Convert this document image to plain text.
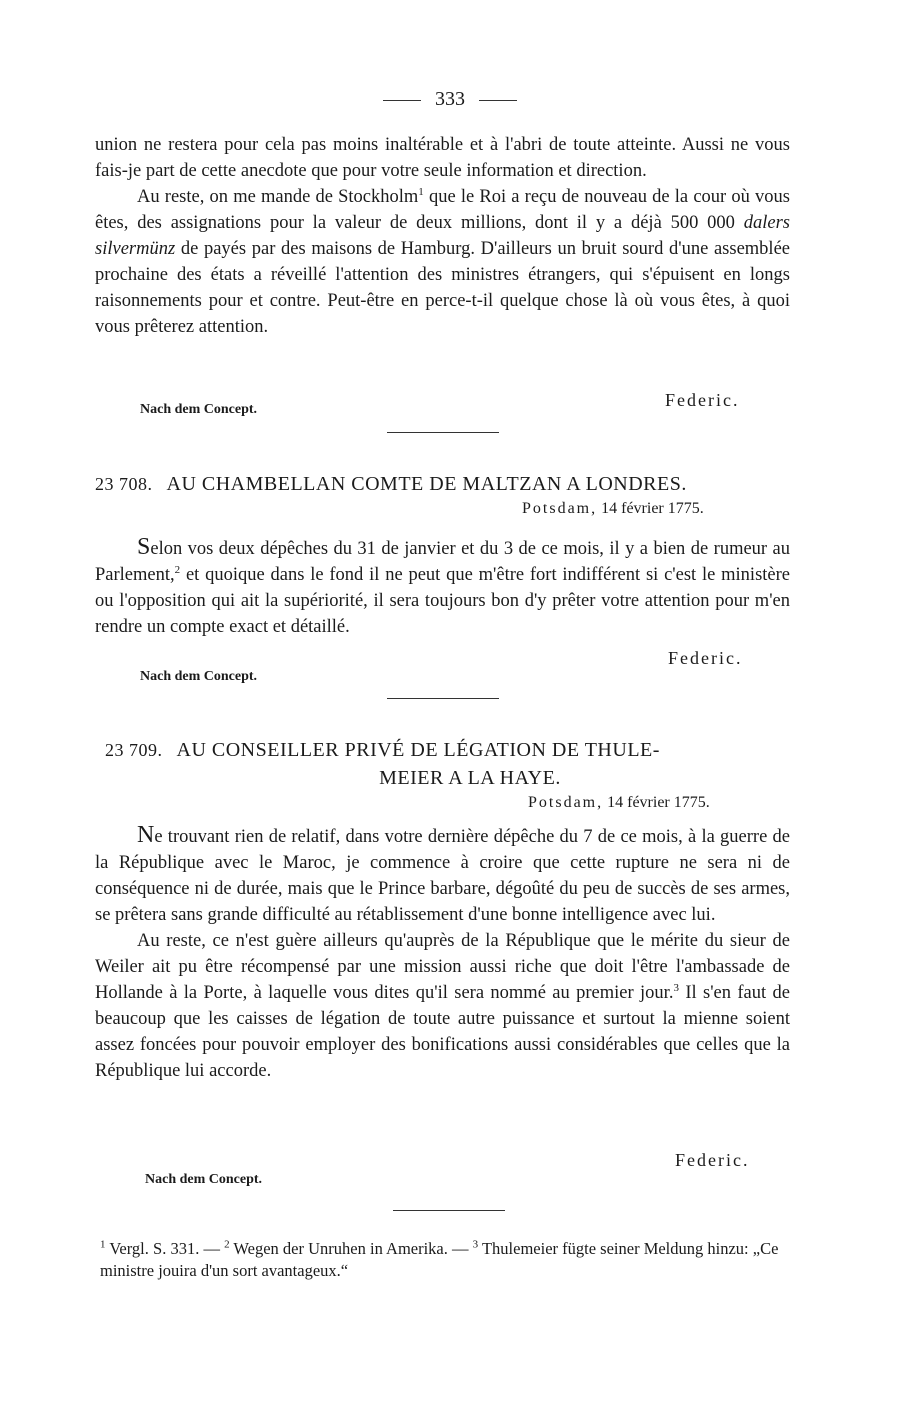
333

union ne restera pour cela pas moins inaltérable et à l'abri de toute atteinte. Aussi ne vous fais-je part de cette anecdote que pour votre seule information et direction.

Au reste, on me mande de Stockholm$^1$ que le Roi a reçu de nouveau de la cour où vous êtes, des assignations pour la valeur de deux millions, dont il y a déjà 500 000 dalers silvermünz de payés par des maisons de Hamburg. D'ailleurs un bruit sourd d'une assemblée prochaine des états a réveillé l'attention des ministres étrangers, qui s'épuisent en longs raisonnements pour et contre. Peut-être en perce-t-il quelque chose là où vous êtes, à quoi vous prêterez attention.

Nach dem Concept.	Federic.
23 708. AU CHAMBELLAN COMTE DE MALTZAN A LONDRES.
Potsdam, 14 février 1775.

Selon vos deux dépêches du 31 de janvier et du 3 de ce mois, il y a bien de rumeur au Parlement,$^2$ et quoique dans le fond il ne peut que m'être fort indifférent si c'est le ministère ou l'opposition qui ait la supériorité, il sera toujours bon d'y prêter votre attention pour m'en rendre un compte exact et détaillé.

Federic.
Nach dem Concept.
23 709. AU CONSEILLER PRIVÉ DE LÉGATION DE THULE-
MEIER A LA HAYE.
Potsdam, 14 février 1775.

Ne trouvant rien de relatif, dans votre dernière dépêche du 7 de ce mois, à la guerre de la République avec le Maroc, je commence à croire que cette rupture ne sera ni de conséquence ni de durée, mais que le Prince barbare, dégoûté du peu de succès de ses armes, se prêtera sans grande difficulté au rétablissement d'une bonne intelligence avec lui.

Au reste, ce n'est guère ailleurs qu'auprès de la République que le mérite du sieur de Weiler ait pu être récompensé par une mission aussi riche que doit l'être l'ambassade de Hollande à la Porte, à laquelle vous dites qu'il sera nommé au premier jour.$^3$ Il s'en faut de beaucoup que les caisses de légation de toute autre puissance et surtout la mienne soient assez foncées pour pouvoir employer des bonifications aussi considérables que celles que la République lui accorde.

Federic.
Nach dem Concept.
$^1$ Vergl. S. 331. — $^2$ Wegen der Unruhen in Amerika. — $^3$ Thulemeier fügte seiner Meldung hinzu: „Ce ministre jouira d'un sort avantageux.“
